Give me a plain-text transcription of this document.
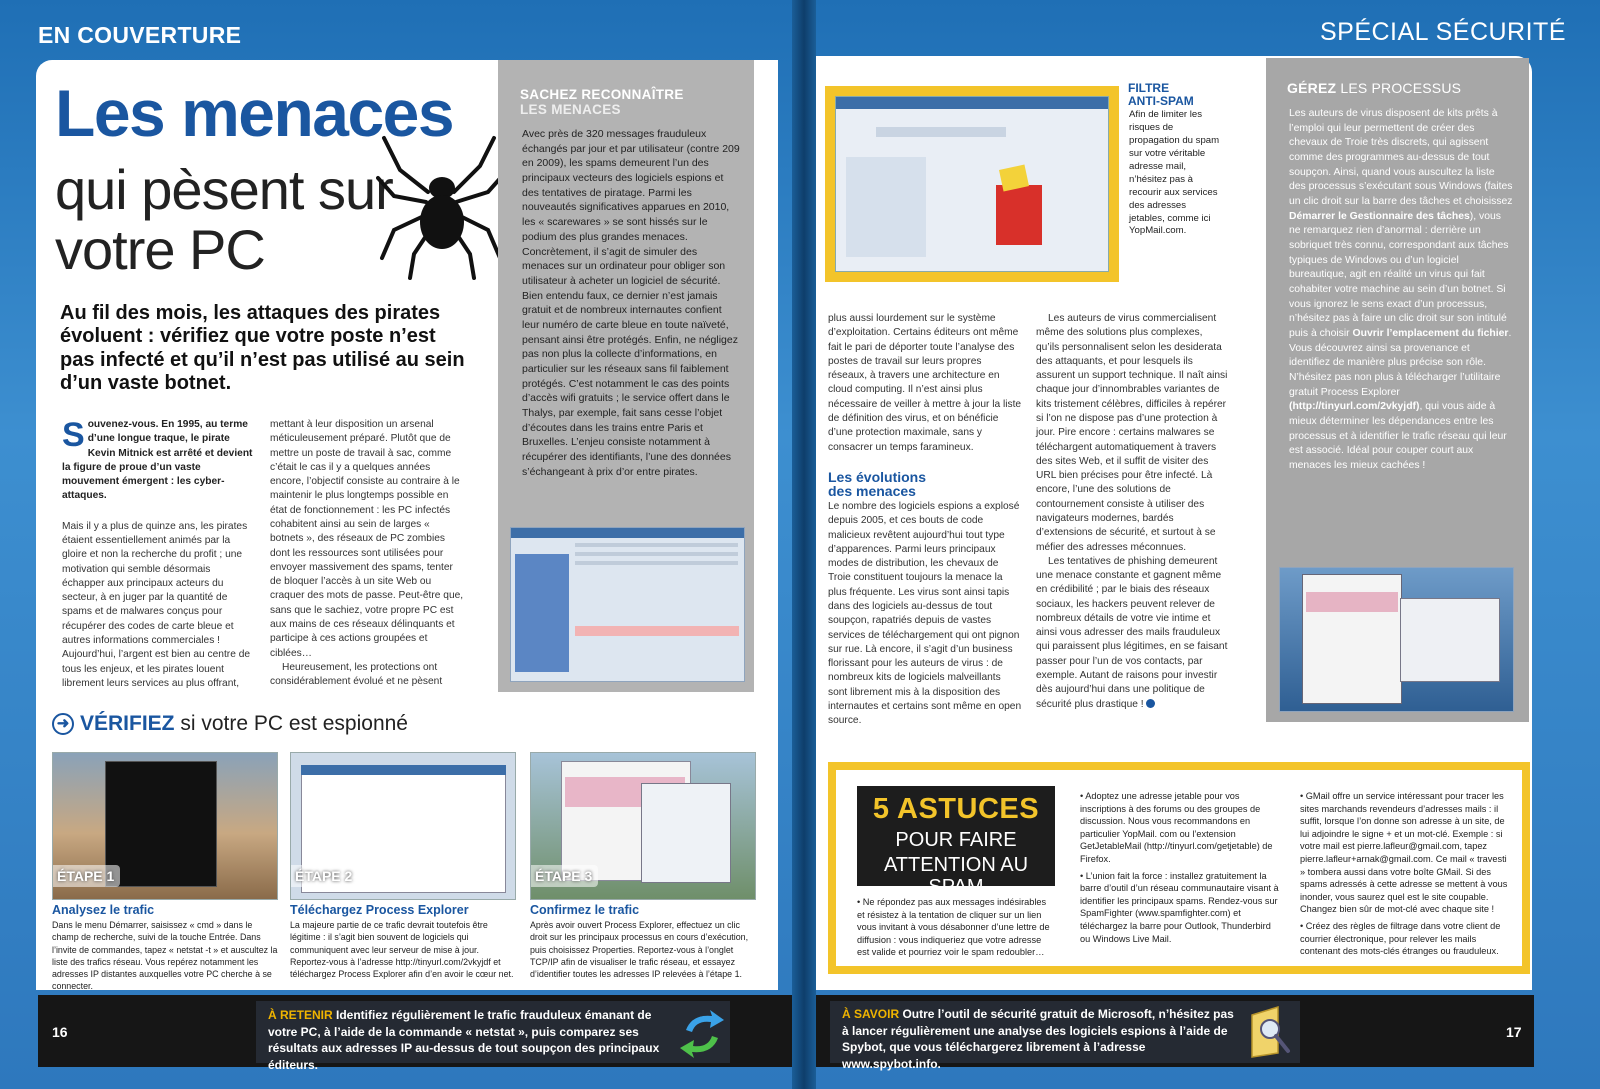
EN COUVERTURE
Les menaces
qui pèsent sur votre PC
Au fil des mois, les attaques des pirates évoluent : vérifiez que votre poste n’est pas infecté et qu’il n’est pas utilisé au sein d’un vaste botnet.

Souvenez-vous. En 1995, au terme d’une longue traque, le pirate Kevin Mitnick est arrêté et devient la figure de proue d’un vaste mouvement émergent : les cyber-attaques.

Mais il y a plus de quinze ans, les pirates étaient essentiellement animés par la gloire et non la recherche du profit ; une motivation qui semble désormais échapper aux principaux acteurs du secteur, à en juger par la quantité de spams et de malwares conçus pour récupérer des codes de carte bleue et autres informations commerciales ! Aujourd’hui, l’argent est bien au centre de tous les enjeux, et les pirates louent librement leurs services au plus offrant,

mettant à leur disposition un arsenal méticuleusement préparé. Plutôt que de mettre un poste de travail à sac, comme c’était le cas il y a quelques années encore, l’objectif consiste au contraire à le maintenir le plus longtemps possible en état de fonctionnement : les PC infectés cohabitent ainsi au sein de larges « botnets », des réseaux de PC zombies dont les ressources sont utilisées pour envoyer massivement des spams, tenter de bloquer l’accès à un site Web ou craquer des mots de passe. Peut-être que, sans que le sachiez, votre propre PC est aux mains de ces réseaux délinquants et participe à ces actions groupées et ciblées…

Heureusement, les protections ont considérablement évolué et ne pèsent

SACHEZ RECONNAÎTRE
LES MENACES
Avec près de 320 messages frauduleux échangés par jour et par utilisateur (contre 209 en 2009), les spams demeurent l’un des principaux vecteurs des logiciels espions et des tentatives de piratage. Parmi les nouveautés significatives apparues en 2010, les « scarewares » se sont hissés sur le podium des plus grandes menaces. Concrètement, il s’agit de simuler des menaces sur un ordinateur pour obliger son utilisateur à acheter un logiciel de sécurité. Bien entendu faux, ce dernier n’est jamais gratuit et de nombreux internautes confient leur numéro de carte bleue en toute naïveté, pensant ainsi être protégés. Enfin, ne négligez pas non plus la collecte d’informations, en particulier sur les réseaux sans fil faiblement protégés. C’est notamment le cas des points d’accès wifi gratuits ; le service offert dans le Thalys, par exemple, fait sans cesse l’objet d’écoutes dans les trains entre Paris et Bruxelles. L’enjeu consiste notamment à récupérer des identifiants, l’une des données s’échangeant à prix d’or entre pirates.
➜ VÉRIFIEZ si votre PC est espionné
ÉTAPE 1	ÉTAPE 2	ÉTAPE 3
Analysez le trafic
Dans le menu Démarrer, saisissez « cmd » dans le champ de recherche, suivi de la touche Entrée. Dans l’invite de commandes, tapez « netstat -t » et auscultez la liste des trafics réseau. Vous repérez notamment les adresses IP distantes auxquelles votre PC cherche à se connecter.
Téléchargez Process Explorer
La majeure partie de ce trafic devrait toutefois être légitime : il s’agit bien souvent de logiciels qui communiquent avec leur serveur de mise à jour. Reportez-vous à l’adresse http://tinyurl.com/2vkyjdf et téléchargez Process Explorer afin d’en avoir le cœur net.
Confirmez le trafic
Après avoir ouvert Process Explorer, effectuez un clic droit sur les principaux processus en cours d’exécution, puis choisissez Properties. Reportez-vous à l’onglet TCP/IP afin de visualiser le trafic réseau, et essayez d’identifier toutes les adresses IP relevées à l’étape 1.
16
À RETENIR Identifiez régulièrement le trafic frauduleux émanant de votre PC, à l’aide de la commande « netstat », puis comparez ses résultats aux adresses IP au-dessus de tout soupçon des principaux éditeurs.
SPÉCIAL SÉCURITÉ
FILTRE
ANTI-SPAM
Afin de limiter les risques de propagation du spam sur votre véritable adresse mail, n’hésitez pas à recourir aux services des adresses jetables, comme ici YopMail.com.

plus aussi lourdement sur le système d’exploitation. Certains éditeurs ont même fait le pari de déporter toute l’analyse des postes de travail sur leurs propres réseaux, à travers une architecture en cloud computing. Il n’est ainsi plus nécessaire de veiller à mettre à jour la liste de définition des virus, et on bénéficie d’une protection maximale, sans y consacrer un temps faramineux.

Les évolutions
des menaces

Le nombre des logiciels espions a explosé depuis 2005, et ces bouts de code malicieux revêtent aujourd’hui tout type d’apparences. Parmi leurs principaux modes de distribution, les chevaux de Troie constituent toujours la menace la plus fréquente. Les virus sont ainsi tapis dans des logiciels au-dessus de tout soupçon, rapatriés depuis de vastes services de téléchargement qui ont pignon sur rue. Là encore, il s’agit d’un business florissant pour les auteurs de virus : de nombreux kits de logiciels malveillants sont librement mis à la disposition des internautes et certains sont même en open source.

Les auteurs de virus commercialisent même des solutions plus complexes, qu’ils personnalisent selon les desiderata des attaquants, et pour lesquels ils assurent un support technique. Il naît ainsi chaque jour d’innombrables variantes de kits tristement célèbres, difficiles à repérer si l’on ne dispose pas d’une protection à jour. Pire encore : certains malwares se téléchargent automatiquement à travers des sites Web, et il suffit de visiter des URL bien précises pour être infecté. Là encore, l’une des solutions de contournement consiste à utiliser des navigateurs modernes, bardés d’extensions de sécurité, et surtout à se méfier des adresses méconnues.

Les tentatives de phishing demeurent une menace constante et gagnent même en crédibilité ; par le biais des réseaux sociaux, les hackers peuvent relever de nombreux détails de votre vie intime et ainsi vous adresser des mails frauduleux qui paraissent plus légitimes, en se faisant passer pour l’un de vos contacts, par exemple. Autant de raisons pour investir dès aujourd’hui dans une politique de sécurité plus drastique !

GÉREZ LES PROCESSUS
Les auteurs de virus disposent de kits prêts à l’emploi qui leur permettent de créer des chevaux de Troie très discrets, qui agissent comme des programmes au-dessus de tout soupçon. Ainsi, quand vous auscultez la liste des processus s’exécutant sous Windows (faites un clic droit sur la barre des tâches et choisissez Démarrer le Gestionnaire des tâches), vous ne remarquez rien d’anormal : derrière un sobriquet très connu, correspondant aux tâches typiques de Windows ou d’un logiciel bureautique, agit en réalité un virus qui fait cohabiter votre machine au sein d’un botnet. Si vous ignorez le sens exact d’un processus, n’hésitez pas à faire un clic droit sur son intitulé puis à choisir Ouvrir l’emplacement du fichier. Vous découvrez ainsi sa provenance et identifiez de manière plus précise son rôle. N’hésitez pas non plus à télécharger l’utilitaire gratuit Process Explorer (http://tinyurl.com/2vkyjdf), qui vous aide à mieux déterminer les dépendances entre les processus et à identifier le trafic réseau qui leur est associé. Idéal pour couper court aux menaces les mieux cachées !
5 ASTUCES
POUR FAIRE
ATTENTION AU SPAM
• Ne répondez pas aux messages indésirables et résistez à la tentation de cliquer sur un lien vous invitant à vous désabonner d’une lettre de diffusion : vous indiqueriez que votre adresse est valide et pourriez voir le spam redoubler…

• Adoptez une adresse jetable pour vos inscriptions à des forums ou des groupes de discussion. Nous vous recommandons en particulier YopMail. com ou l’extension GetJetableMail (http://tinyurl.com/getjetable) de Firefox.

• L’union fait la force : installez gratuitement la barre d’outil d’un réseau communautaire visant à identifier les principaux spams. Rendez-vous sur SpamFighter (www.spamfighter.com) et téléchargez la barre pour Outlook, Thunderbird ou Windows Live Mail.

• GMail offre un service intéressant pour tracer les sites marchands revendeurs d’adresses mails : il suffit, lorsque l’on donne son adresse à un site, de lui adjoindre le signe + et un mot-clé. Exemple : si votre mail est pierre.lafleur@gmail.com, tapez pierre.lafleur+arnak@gmail.com. Ce mail « travesti » tombera aussi dans votre boîte GMail. Si des spams adressés à cette adresse se mettent à vous inonder, vous saurez quel est le site coupable. Changez bien sûr de mot-clé avec chaque site !

• Créez des règles de filtrage dans votre client de courrier électronique, pour relever les mails contenant des mots-clés étranges ou frauduleux.

À SAVOIR Outre l’outil de sécurité gratuit de Microsoft, n’hésitez pas à lancer régulièrement une analyse des logiciels espions à l’aide de Spybot, que vous téléchargerez librement à l’adresse www.spybot.info.
17
